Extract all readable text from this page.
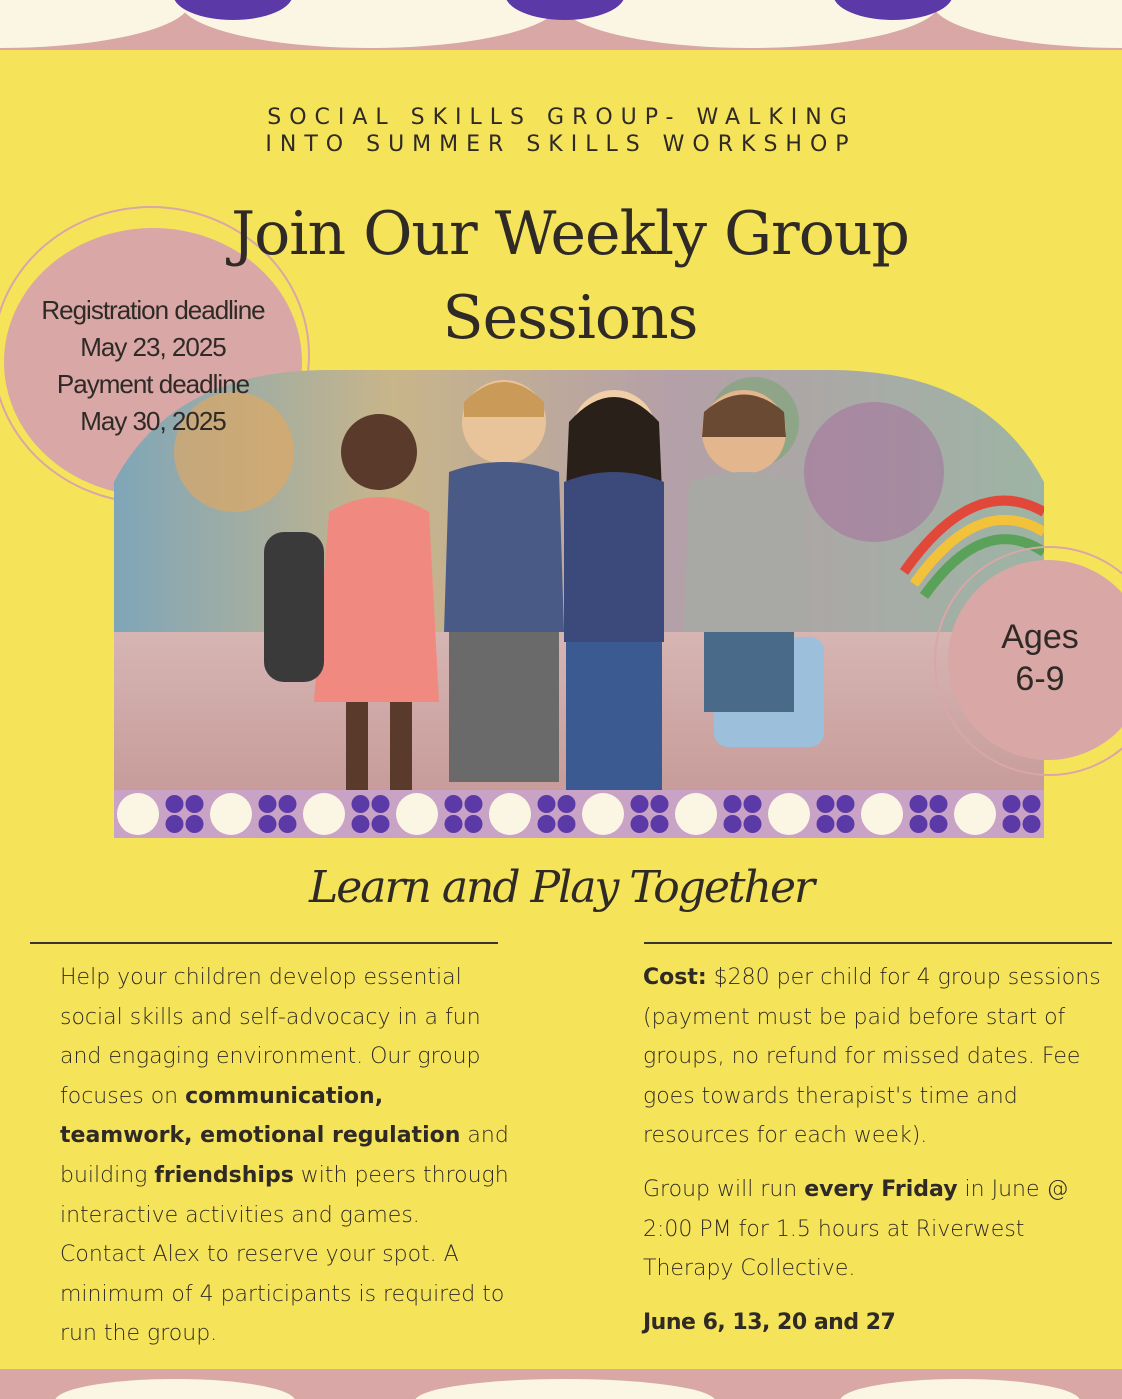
SOCIAL SKILLS GROUP- WALKING
INTO SUMMER SKILLS WORKSHOP
Join Our Weekly Group
Sessions
Registration deadline
May 23, 2025
Payment deadline
May 30, 2025
Ages
6-9
Learn and Play Together

Help your children develop essential social skills and self-advocacy in a fun and engaging environment. Our group focuses on communication, teamwork, emotional regulation and building friendships with peers through interactive activities and games. Contact Alex to reserve your spot. A minimum of 4 participants is required to run the group.

Cost: $280 per child for 4 group sessions (payment must be paid before start of groups, no refund for missed dates. Fee goes towards therapist's time and resources for each week).

Group will run every Friday in June @ 2:00 PM for 1.5 hours at Riverwest Therapy Collective.

June 6, 13, 20 and 27
